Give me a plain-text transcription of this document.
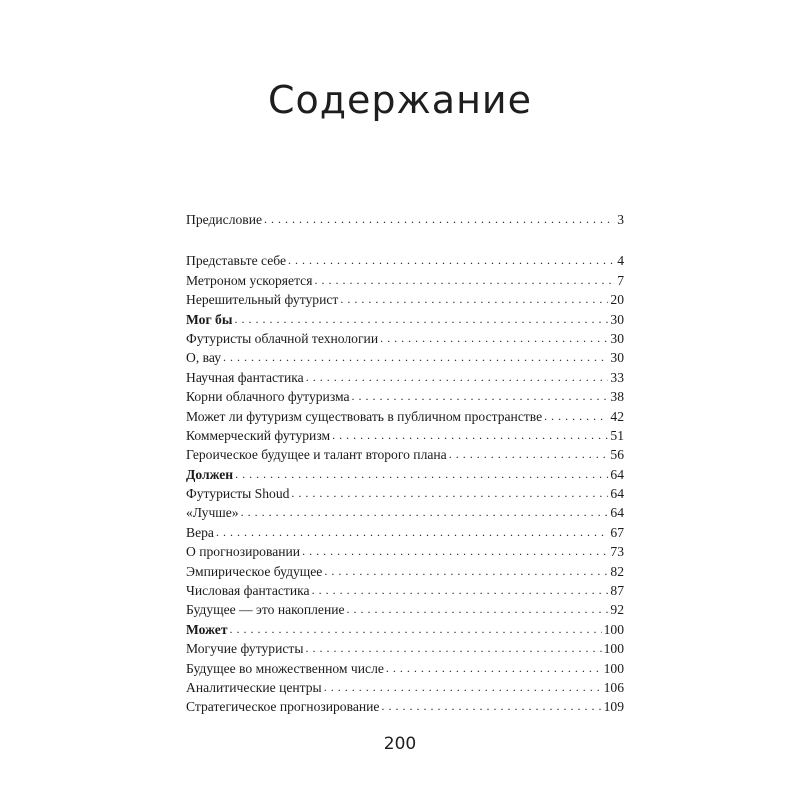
Содержание
Предисловие . . .	3
Представьте себе . . .	4
Метроном ускоряется . . .	7
Нерешительный футурист . . .	20
Мог бы . . .	30
Футуристы облачной технологии . . .	30
О, вау . . .	30
Научная фантастика . . .	33
Корни облачного футуризма . . .	38
Может ли футуризм существовать в публичном пространстве . . .	42
Коммерческий футуризм . . .	51
Героическое будущее и талант второго плана . . .	56
Должен . . .	64
Футуристы Shoud . . .	64
«Лучше» . . .	64
Вера . . .	67
О прогнозировании . . .	73
Эмпирическое будущее . . .	82
Числовая фантастика . . .	87
Будущее — это накопление . . .	92
Может . . .	100
Могучие футуристы . . .	100
Будущее во множественном числе . . .	100
Аналитические центры . . .	106
Стратегическое прогнозирование . . .	109
200
